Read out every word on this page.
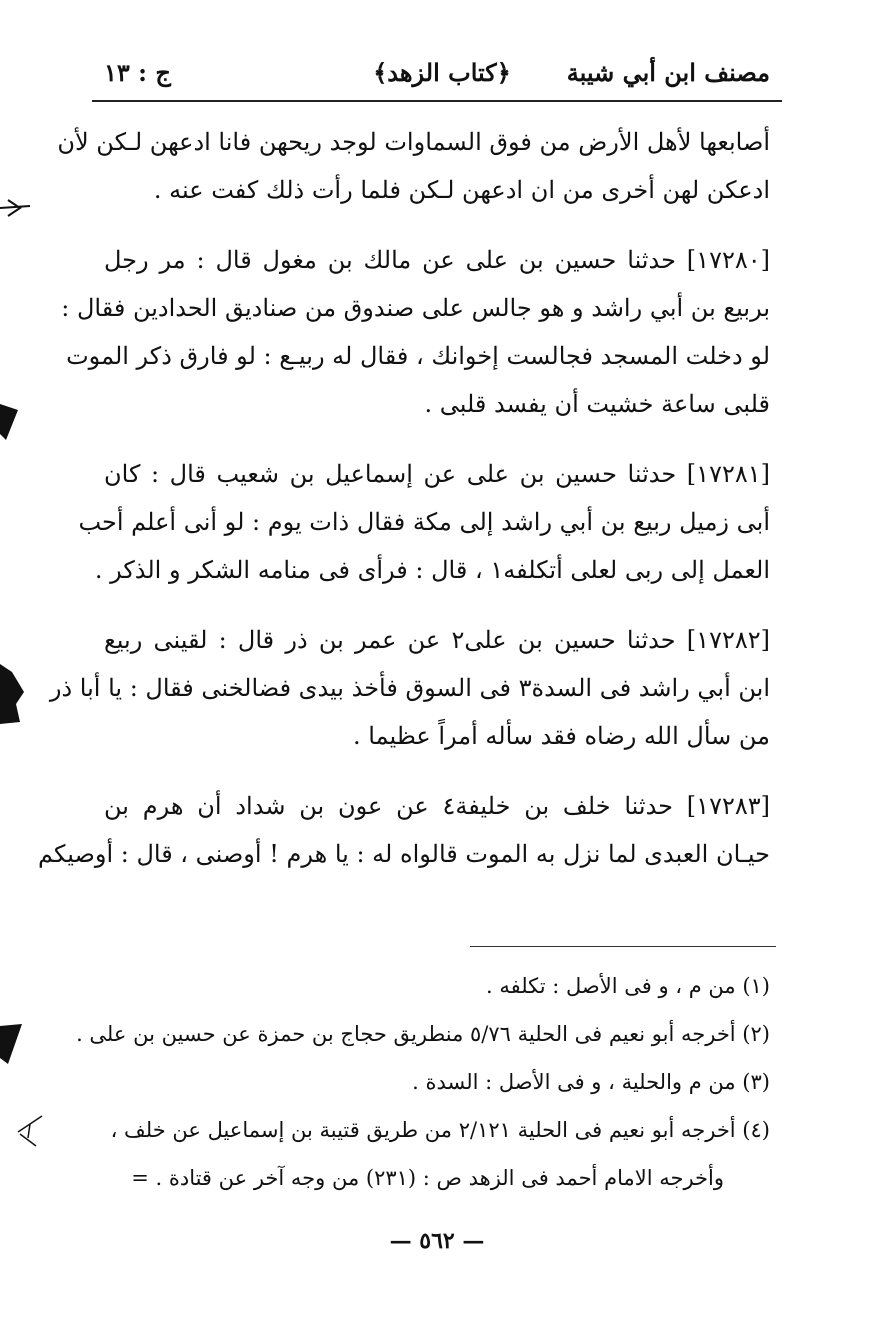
مصنف ابن أبي شيبة
﴿كتاب الزهد﴾
ج : ١٣
أصابعها لأهل الأرض من فوق السماوات لوجد ريحهن فانا ادعهن لـكن لأن
ادعكن لهن أخرى من ان ادعهن لـكن فلما رأت ذلك كفت عنه .
[١٧٢٨٠] حدثنا حسين بن على عن مالك بن مغول قال : مر رجل
بربيع بن أبي راشد و هو جالس على صندوق من صناديق الحدادين فقال :
لو دخلت المسجد فجالست إخوانك ، فقال له ربيـع : لو فارق ذكر الموت
قلبى ساعة خشيت أن يفسد قلبى .
[١٧٢٨١] حدثنا حسين بن على عن إسماعيل بن شعيب قال : كان
أبى زميل ربيع بن أبي راشد إلى مكة فقال ذات يوم : لو أنى أعلم أحب
العمل إلى ربى لعلى أتكلفه١ ، قال : فرأى فى منامه الشكر و الذكر .
[١٧٢٨٢] حدثنا حسين بن على٢ عن عمر بن ذر قال : لقينى ربيع
ابن أبي راشد فى السدة٣ فى السوق فأخذ بيدى فضالخنى فقال : يا أبا ذر
من سأل الله رضاه فقد سأله أمراً عظيما .
[١٧٢٨٣] حدثنا خلف بن خليفة٤ عن عون بن شداد أن هرم بن
حيـان العبدى لما نزل به الموت قالواه له : يا هرم ! أوصنى ، قال : أوصيكم
(١) من م ، و فى الأصل : تكلفه .
(٢) أخرجه أبو نعيم فى الحلية ٥/٧٦ منطريق حجاج بن حمزة عن حسين بن على .
(٣) من م والحلية ، و فى الأصل : السدة .
(٤) أخرجه أبو نعيم فى الحلية ٢/١٢١ من طريق قتيبة بن إسماعيل عن خلف ،
وأخرجه الامام أحمد فى الزهد ص : (٢٣١) من وجه آخر عن قتادة . =
— ٥٦٢ —
